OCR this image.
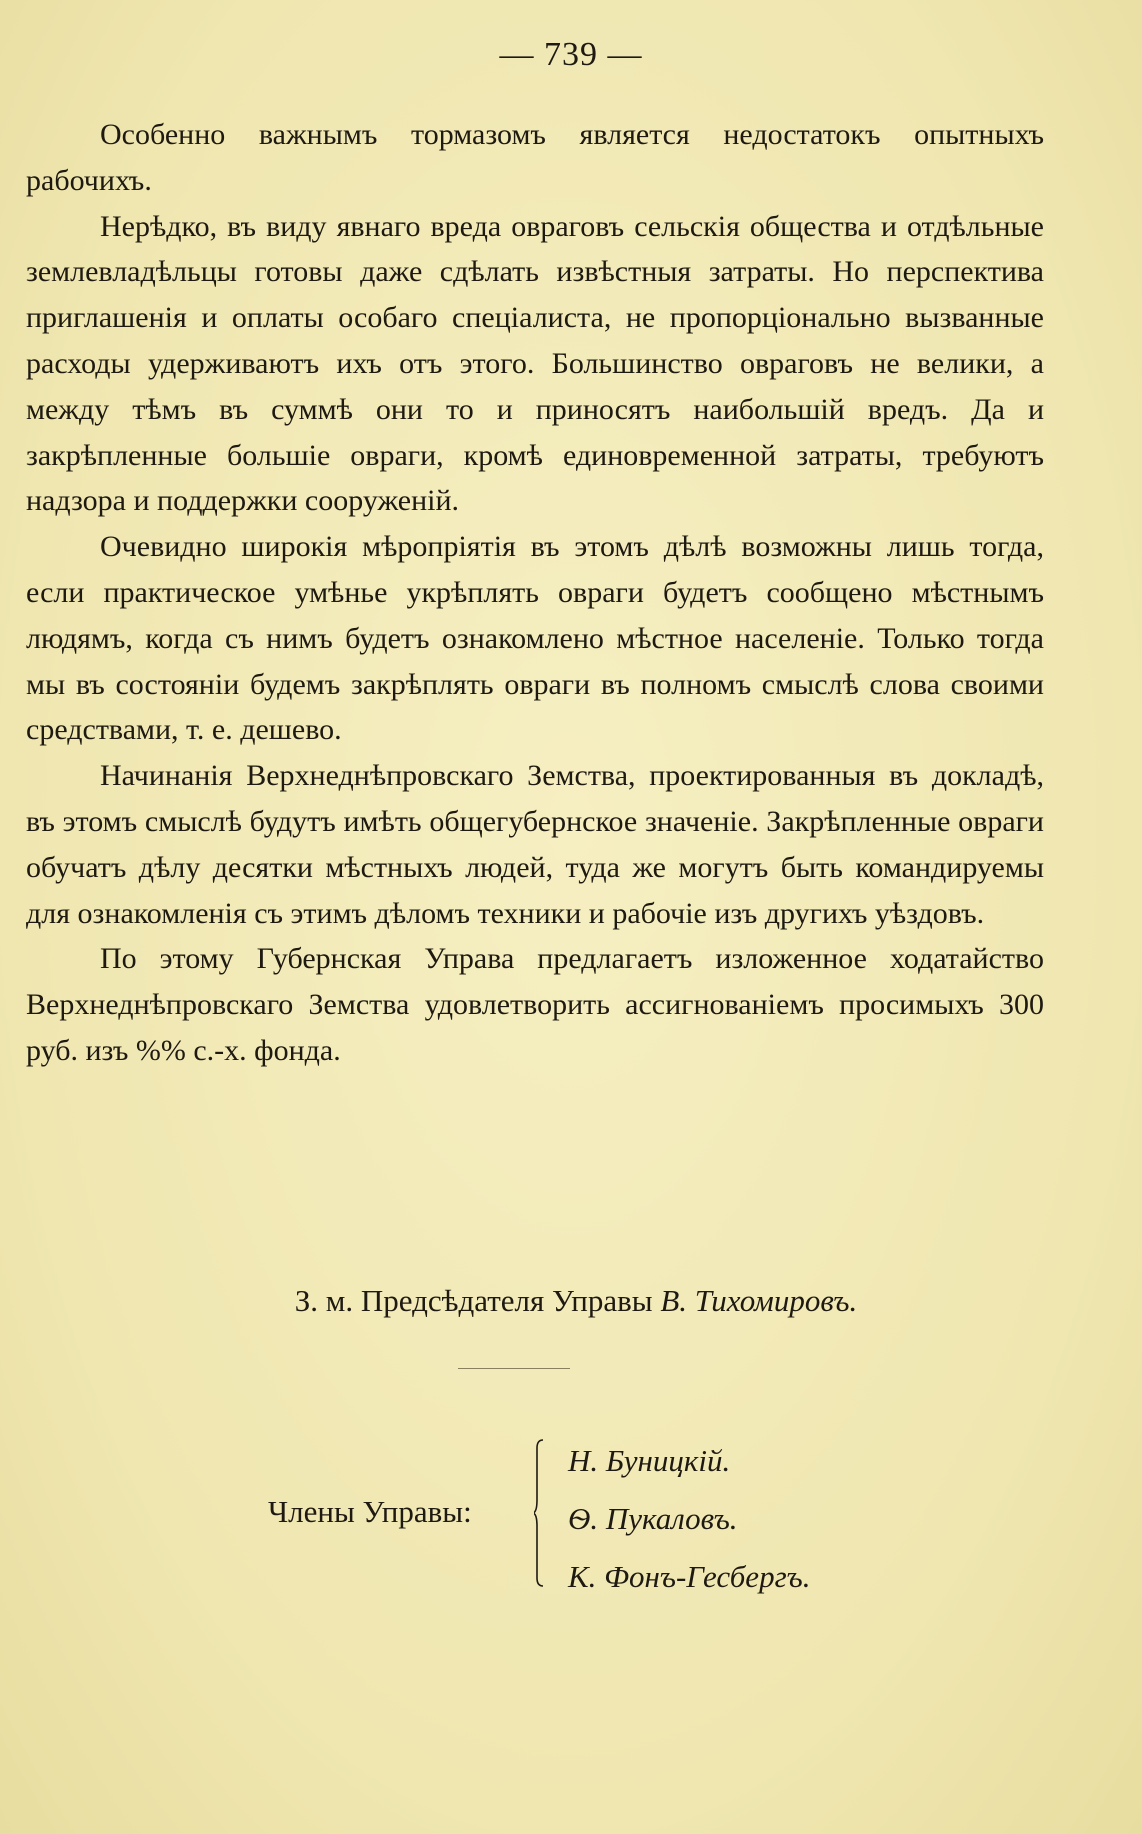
— 739 —

Особенно важнымъ тормазомъ является недостатокъ опытныхъ рабочихъ.

Нерѣдко, въ виду явнаго вреда овраговъ сельскія общества и отдѣльные землевладѣльцы готовы даже сдѣлать извѣстныя затраты. Но перспектива приглашенія и оплаты особаго спеціалиста, не пропорціонально вызванные расходы удерживаютъ ихъ отъ этого. Большинство овраговъ не велики, а между тѣмъ въ суммѣ они то и приносятъ наибольшій вредъ. Да и закрѣпленные большіе овраги, кромѣ единовременной затраты, требуютъ надзора и поддержки сооруженій.

Очевидно широкія мѣропріятія въ этомъ дѣлѣ возможны лишь тогда, если практическое умѣнье укрѣплять овраги будетъ сообщено мѣстнымъ людямъ, когда съ нимъ будетъ ознакомлено мѣстное населеніе. Только тогда мы въ состояніи будемъ закрѣплять овраги въ полномъ смыслѣ слова своими средствами, т. е. дешево.

Начинанія Верхнеднѣпровскаго Земства, проектированныя въ докладѣ, въ этомъ смыслѣ будутъ имѣть общегубернское значеніе. Закрѣпленные овраги обучатъ дѣлу десятки мѣстныхъ людей, туда же могутъ быть командируемы для ознакомленія съ этимъ дѣломъ техники и рабочіе изъ другихъ уѣздовъ.

По этому Губернская Управа предлагаетъ изложенное ходатайство Верхнеднѣпровскаго Земства удовлетворить ассигнованіемъ просимыхъ 300 руб. изъ %% с.-х. фонда.

З. м. Предсѣдателя Управы В. Тихомировъ.
Члены Управы:
Н. Буницкій.
Ѳ. Пукаловъ.
К. Фонъ-Гесбергъ.
